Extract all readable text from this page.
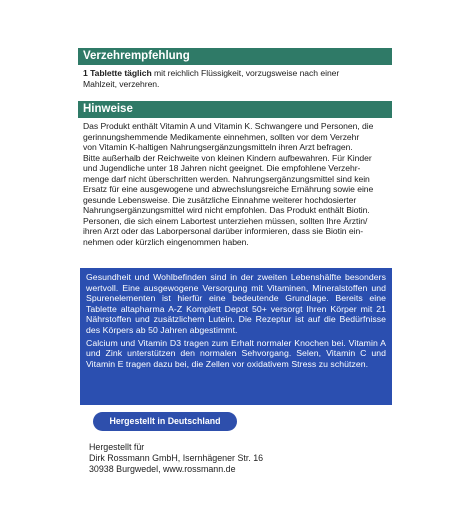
Verzehrempfehlung
1 Tablette täglich mit reichlich Flüssigkeit, vorzugsweise nach einer
Mahlzeit, verzehren.
Hinweise
Das Produkt enthält Vitamin A und Vitamin K. Schwangere und Personen, die
gerinnungshemmende Medikamente einnehmen, sollten vor dem Verzehr
von Vitamin K-haltigen Nahrungsergänzungsmitteln ihren Arzt befragen.
Bitte außerhalb der Reichweite von kleinen Kindern aufbewahren. Für Kinder
und Jugendliche unter 18 Jahren nicht geeignet. Die empfohlene Verzehr-
menge darf nicht überschritten werden. Nahrungsergänzungsmittel sind kein
Ersatz für eine ausgewogene und abwechslungsreiche Ernährung sowie eine
gesunde Lebensweise. Die zusätzliche Einnahme weiterer hochdosierter
Nahrungsergänzungsmittel wird nicht empfohlen. Das Produkt enthält Biotin.
Personen, die sich einem Labortest unterziehen müssen, sollten Ihre Ärztin/
ihren Arzt oder das Laborpersonal darüber informieren, dass sie Biotin ein-
nehmen oder kürzlich eingenommen haben.

Gesundheit und Wohlbefinden sind in der zweiten Lebenshälfte besonders wertvoll. Eine ausgewogene Versorgung mit Vitaminen, Mineralstoffen und Spurenelementen ist hierfür eine bedeutende Grundlage. Bereits eine Tablette altapharma A-Z Komplett Depot 50+ versorgt Ihren Körper mit 21 Nährstoffen und zusätzlichem Lutein. Die Rezeptur ist auf die Bedürfnisse des Körpers ab 50 Jahren abgestimmt.

Calcium und Vitamin D3 tragen zum Erhalt normaler Knochen bei. Vitamin A und Zink unterstützen den normalen Sehvorgang. Selen, Vitamin C und Vitamin E tragen dazu bei, die Zellen vor oxidativem Stress zu schützen.

Hergestellt in Deutschland
Hergestellt für
Dirk Rossmann GmbH, Isernhägener Str. 16
30938 Burgwedel, www.rossmann.de
